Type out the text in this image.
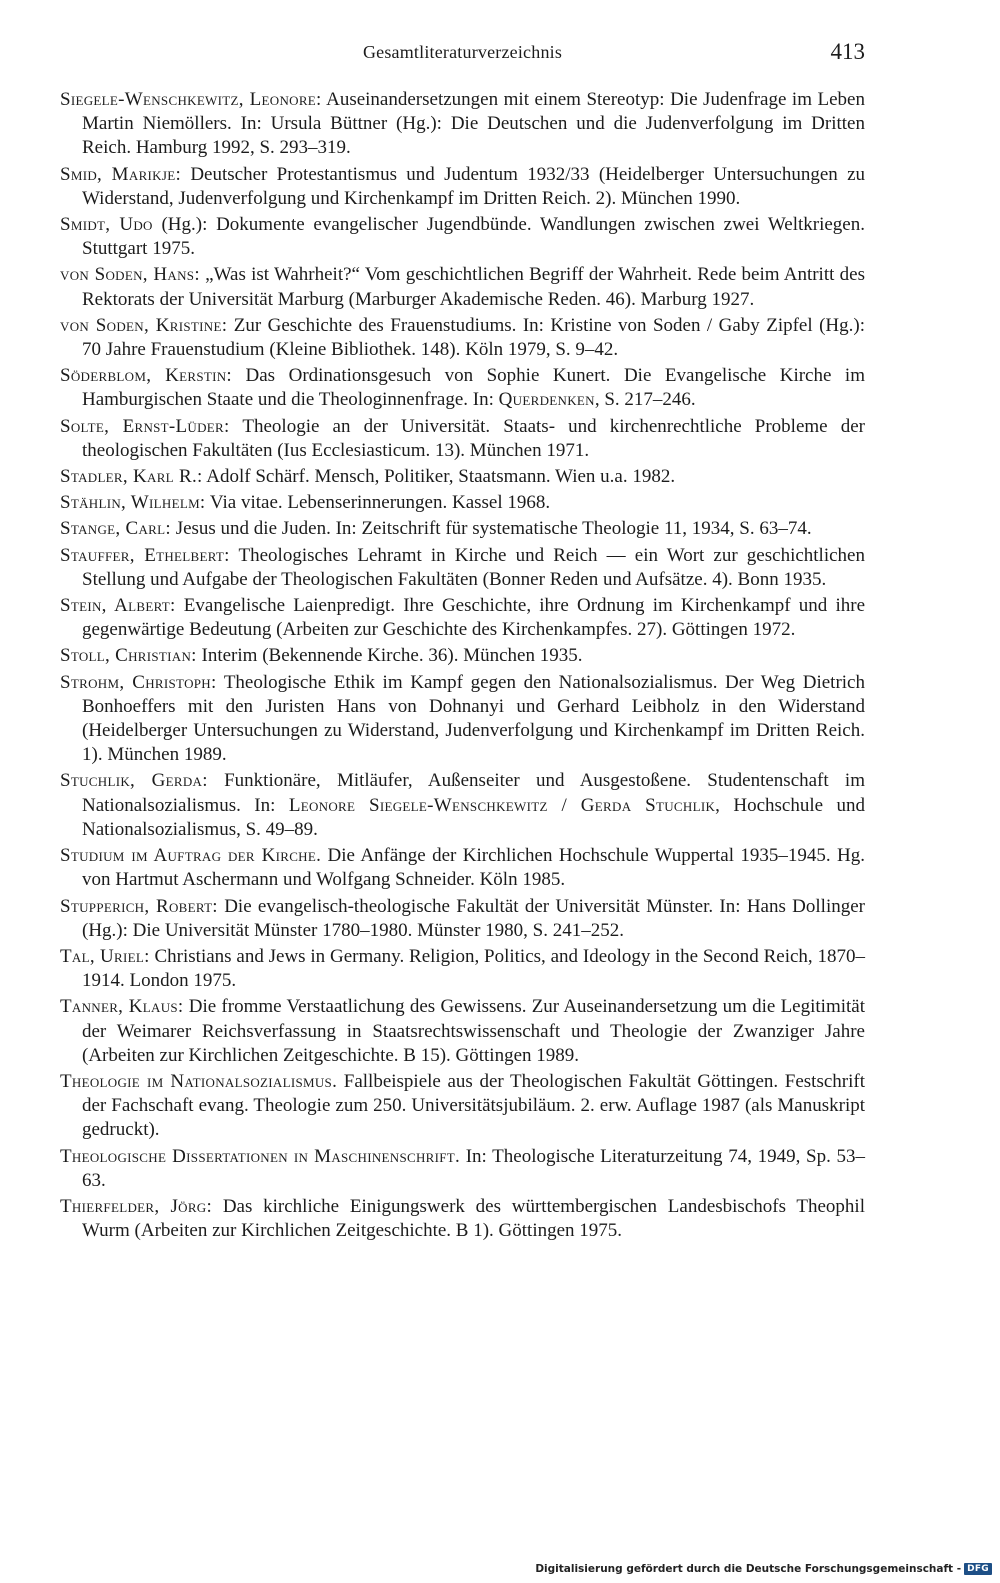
Gesamtliteraturverzeichnis	413

Siegele-Wenschkewitz, Leonore: Auseinandersetzungen mit einem Stereotyp: Die Judenfrage im Leben Martin Niemöllers. In: Ursula Büttner (Hg.): Die Deutschen und die Judenverfolgung im Dritten Reich. Hamburg 1992, S. 293–319.

Smid, Marikje: Deutscher Protestantismus und Judentum 1932/33 (Heidelberger Untersuchungen zu Widerstand, Judenverfolgung und Kirchenkampf im Dritten Reich. 2). München 1990.

Smidt, Udo (Hg.): Dokumente evangelischer Jugendbünde. Wandlungen zwischen zwei Weltkriegen. Stuttgart 1975.

von Soden, Hans: „Was ist Wahrheit?“ Vom geschichtlichen Begriff der Wahrheit. Rede beim Antritt des Rektorats der Universität Marburg (Marburger Akademische Reden. 46). Marburg 1927.

von Soden, Kristine: Zur Geschichte des Frauenstudiums. In: Kristine von Soden / Gaby Zipfel (Hg.): 70 Jahre Frauenstudium (Kleine Bibliothek. 148). Köln 1979, S. 9–42.

Söderblom, Kerstin: Das Ordinationsgesuch von Sophie Kunert. Die Evangelische Kirche im Hamburgischen Staate und die Theologinnenfrage. In: Querdenken, S. 217–246.

Solte, Ernst-Lüder: Theologie an der Universität. Staats- und kirchenrechtliche Probleme der theologischen Fakultäten (Ius Ecclesiasticum. 13). München 1971.

Stadler, Karl R.: Adolf Schärf. Mensch, Politiker, Staatsmann. Wien u.a. 1982.

Stählin, Wilhelm: Via vitae. Lebenserinnerungen. Kassel 1968.

Stange, Carl: Jesus und die Juden. In: Zeitschrift für systematische Theologie 11, 1934, S. 63–74.

Stauffer, Ethelbert: Theologisches Lehramt in Kirche und Reich — ein Wort zur geschichtlichen Stellung und Aufgabe der Theologischen Fakultäten (Bonner Reden und Aufsätze. 4). Bonn 1935.

Stein, Albert: Evangelische Laienpredigt. Ihre Geschichte, ihre Ordnung im Kirchenkampf und ihre gegenwärtige Bedeutung (Arbeiten zur Geschichte des Kirchenkampfes. 27). Göttingen 1972.

Stoll, Christian: Interim (Bekennende Kirche. 36). München 1935.

Strohm, Christoph: Theologische Ethik im Kampf gegen den Nationalsozialismus. Der Weg Dietrich Bonhoeffers mit den Juristen Hans von Dohnanyi und Gerhard Leibholz in den Widerstand (Heidelberger Untersuchungen zu Widerstand, Judenverfolgung und Kirchenkampf im Dritten Reich. 1). München 1989.

Stuchlik, Gerda: Funktionäre, Mitläufer, Außenseiter und Ausgestoßene. Studentenschaft im Nationalsozialismus. In: Leonore Siegele-Wenschkewitz / Gerda Stuchlik, Hochschule und Nationalsozialismus, S. 49–89.

Studium im Auftrag der Kirche. Die Anfänge der Kirchlichen Hochschule Wuppertal 1935–1945. Hg. von Hartmut Aschermann und Wolfgang Schneider. Köln 1985.

Stupperich, Robert: Die evangelisch-theologische Fakultät der Universität Münster. In: Hans Dollinger (Hg.): Die Universität Münster 1780–1980. Münster 1980, S. 241–252.

Tal, Uriel: Christians and Jews in Germany. Religion, Politics, and Ideology in the Second Reich, 1870–1914. London 1975.

Tanner, Klaus: Die fromme Verstaatlichung des Gewissens. Zur Auseinandersetzung um die Legitimität der Weimarer Reichsverfassung in Staatsrechtswissenschaft und Theologie der Zwanziger Jahre (Arbeiten zur Kirchlichen Zeitgeschichte. B 15). Göttingen 1989.

Theologie im Nationalsozialismus. Fallbeispiele aus der Theologischen Fakultät Göttingen. Festschrift der Fachschaft evang. Theologie zum 250. Universitätsjubiläum. 2. erw. Auflage 1987 (als Manuskript gedruckt).

Theologische Dissertationen in Maschinenschrift. In: Theologische Literaturzeitung 74, 1949, Sp. 53–63.

Thierfelder, Jörg: Das kirchliche Einigungswerk des württembergischen Landesbischofs Theophil Wurm (Arbeiten zur Kirchlichen Zeitgeschichte. B 1). Göttingen 1975.

Digitalisierung gefördert durch die Deutsche Forschungsgemeinschaft - DFG
